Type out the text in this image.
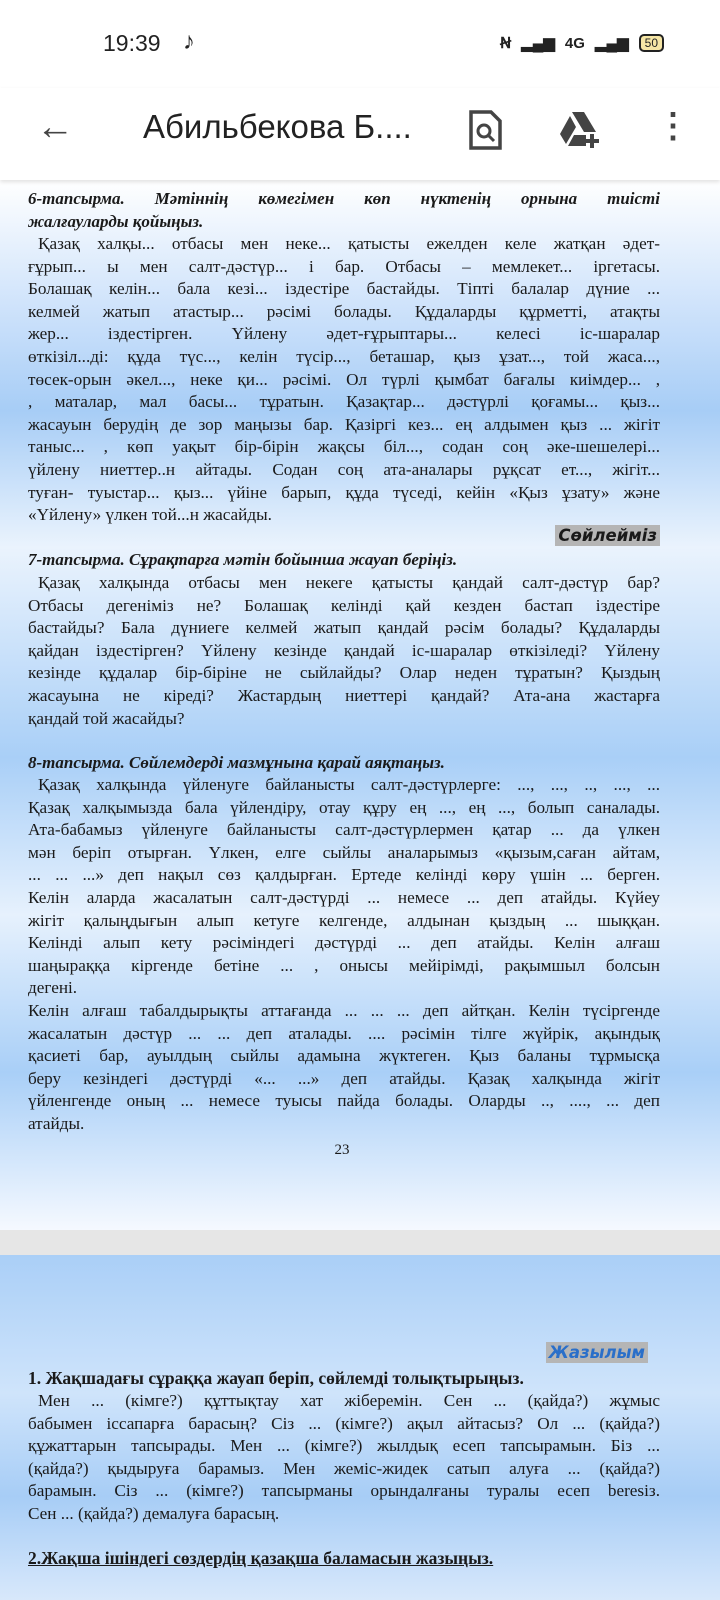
19:39 ♪	Ꞥ ▂▄▆ 4G ▂▄▆	50
← Абильбекова Б....	⋮
6-тапсырма. Мәтіннің көмегімен көп нүктенің орнына тиісті
жалғауларды қойыңыз.
Қазақ халқы... отбасы мен неке... қатысты ежелден келе жатқан әдет-
ғұрып... ы мен салт-дәстүр... і бар. Отбасы – мемлекет... іргетасы.
Болашақ келін... бала кезі... іздестіре бастайды. Тіпті балалар дүние ...
келмей жатып атастыр... рәсімі болады. Құдаларды құрметті, атақты
жер... іздестірген. Үйлену әдет-ғұрыптары... келесі іс-шаралар
өткізіл...ді: құда түс..., келін түсір..., беташар, қыз ұзат..., той жаса...,
төсек-орын әкел..., неке қи... рәсімі. Ол түрлі қымбат бағалы киімдер... ,
, маталар, мал басы... тұратын. Қазақтар... дәстүрлі қоғамы... қыз...
жасауын берудің де зор маңызы бар. Қазіргі кез... ең алдымен қыз ... жігіт
таныс... , көп уақыт бір-бірін жақсы біл..., содан соң әке-шешелері...
үйлену ниеттер..н айтады. Содан соң ата-аналары рұқсат ет..., жігіт...
туған- туыстар... қыз... үйіне барып, құда түседі, кейін «Қыз ұзату» және
«Үйлену» үлкен той...н жасайды.
Сөйлейміз
7-тапсырма. Сұрақтарға мәтін бойынша жауап беріңіз.
Қазақ халқында отбасы мен некеге қатысты қандай салт-дәстүр бар?
Отбасы дегеніміз не? Болашақ келінді қай кезден бастап іздестіре
бастайды? Бала дүниеге келмей жатып қандай рәсім болады? Құдаларды
қайдан іздестірген? Үйлену кезінде қандай іс-шаралар өткізіледі? Үйлену
кезінде құдалар бір-біріне не сыйлайды? Олар неден тұратын? Қыздың
жасауына не кіреді? Жастардың ниеттері қандай? Ата-ана жастарға
қандай той жасайды?
8-тапсырма. Сөйлемдерді мазмұнына қарай аяқтаңыз.
Қазақ халқында үйленуге байланысты салт-дәстүрлерге: ..., ..., .., ..., ...
Қазақ халқымызда бала үйлендіру, отау құру ең ..., ең ..., болып саналады.
Ата-бабамыз үйленуге байланысты салт-дәстүрлермен қатар ... да үлкен
мән беріп отырған. Үлкен, елге сыйлы аналарымыз «қызым,саған айтам,
... ... ...» деп нақыл сөз қалдырған. Ертеде келінді көру үшін ... берген.
Келін аларда жасалатын салт-дәстүрді ... немесе ... деп атайды. Күйеу
жігіт қалыңдығын алып кетуге келгенде, алдынан қыздың ... шыққан.
Келінді алып кету рәсіміндегі дәстүрді ... деп атайды. Келін алғаш
шаңыраққа кіргенде бетіне ... , онысы мейірімді, рақымшыл болсын
дегені.
Келін алғаш табалдырықты аттағанда ... ... ... деп айтқан. Келін түсіргенде
жасалатын дәстүр ... ... деп аталады. .... рәсімін тілге жүйрік, ақындық
қасиеті бар, ауылдың сыйлы адамына жүктеген. Қыз баланы тұрмысқа
беру кезіндегі дәстүрді «... ...» деп атайды. Қазақ халқында жігіт
үйленгенде оның ... немесе туысы пайда болады. Оларды .., ...., ... деп
атайды.
23
Жазылым
1. Жақшадағы сұраққа жауап беріп, сөйлемді толықтырыңыз.
Мен ... (кімге?) құттықтау хат жіберемін. Сен ... (қайда?) жұмыс
бабымен іссапарға барасың? Сіз ... (кімге?) ақыл айтасыз? Ол ... (қайда?)
құжаттарын тапсырады. Мен ... (кімге?) жылдық есеп тапсырамын. Біз ...
(қайда?) қыдыруға барамыз. Мен жеміс-жидек сатып алуға ... (қайда?)
барамын. Сіз ... (кімге?) тапсырманы орындалғаны туралы есеп beresіз.
Сен ... (қайда?) демалуға барасың.
2.Жақша ішіндегі сөздердің қазақша баламасын жазыңыз.
